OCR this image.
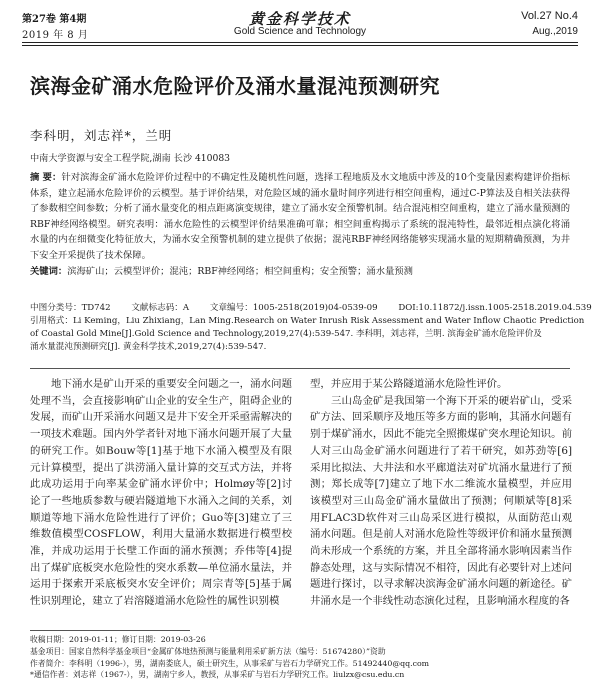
第27卷 第4期
2019 年 8 月
黄金科学技术
Gold Science and Technology
Vol.27 No.4
Aug.,2019
滨海金矿涌水危险评价及涌水量混沌预测研究
李科明，刘志祥*，兰明
中南大学资源与安全工程学院,湖南 长沙 410083
摘 要：针对滨海金矿涌水危险评价过程中的不确定性及随机性问题，选择工程地质及水文地质中涉及的10个变量因素构建评价指标体系，建立起涌水危险评价的云模型。基于评价结果，对危险区域的涌水量时间序列进行相空间重构，通过C-P算法及自相关法获得了参数相空间参数；分析了涌水量变化的相点距离演变规律，建立了涌水安全预警机制。结合混沌相空间重构，建立了涌水量预测的RBF神经网络模型。研究表明：涌水危险性的云模型评价结果准确可靠；相空间重构揭示了系统的混沌特性，最邻近相点演化将涌水量的内在细微变化特征放大，为涌水安全预警机制的建立提供了依据；混沌RBF神经网络能够实现涌水量的短期精确预测，为井下安全开采提供了技术保障。
关键词：滨海矿山；云模型评价；混沌；RBF神经网络；相空间重构；安全预警；涌水量预测
中图分类号：TD742 文献标志码：A 文章编号：1005-2518(2019)04-0539-09 DOI:10.11872/j.issn.1005-2518.2019.04.539
引用格式：Li Keming，Liu Zhixiang，Lan Ming.Research on Water Inrush Risk Assessment and Water Inflow Chaotic Prediction
of Coastal Gold Mine[J].Gold Science and Technology,2019,27(4):539-547. 李科明，刘志祥，兰明. 滨海金矿涌水危险评价及
涌水量混沌预测研究[J]. 黄金科学技术,2019,27(4):539-547.
地下涌水是矿山开采的重要安全问题之一，涌水问题处理不当，会直接影响矿山企业的安全生产，阻碍企业的发展，而矿山开采涌水问题又是井下安全开采亟需解决的一项技术难题。国内外学者针对地下涌水问题开展了大量的研究工作。如Bouw等[1]基于地下水涌入模型及有限元计算模型，提出了洪涝涌入量计算的交互式方法，并将此成功运用于向率某金矿涌水评价中；Holmøy等[2]讨论了一些地质参数与硬岩隧道地下水涌入之间的关系，刘顺道等地下涌水危险性进行了评价；Guo等[3]建立了三维数值模型COSFLOW，利用大量涌水数据进行模型校准，并成功运用于长壁工作面的涌水预测；乔伟等[4]提出了煤矿底板突水危险性的突水系数—单位涌水量法，并运用于探索开采底板突水安全评价；周宗青等[5]基于属性识别理论，建立了岩溶隧道涌水危险性的属性识别模

型，并应用于某公路隧道涌水危险性评价。

三山岛金矿是我国第一个海下开采的硬岩矿山，受采矿方法、回采顺序及地压等多方面的影响，其涌水问题有别于煤矿涌水，因此不能完全照搬煤矿突水理论知识。前人对三山岛金矿涌水问题进行了若干研究，如苏劲等[6]采用比拟法、大井法和水平廊道法对矿坑涌水量进行了预测；郑长成等[7]建立了地下水二维流水量模型，并应用该模型对三山岛金矿涌水量做出了预测；何顺斌等[8]采用FLAC3D软件对三山岛采区进行模拟，从面防范山观涌水问题。但是前人对涌水危险性等级评价和涌水量预测尚未形成一个系统的方案，并且全部将涌水影响因素当作静态处理，这与实际情况不相符，因此有必要针对上述问题进行探讨，以寻求解决滨海金矿涌水问题的新途径。矿井涌水是一个非线性动态演化过程，且影响涌水程度的各

收稿日期：2019-01-11；修订日期：2019-03-26
基金项目：国家自然科学基金项目“金属矿体地热预测与能量利用采矿新方法（编号：51674280）”资助
作者简介：李科明（1996-），男，湖南娄底人，硕士研究生，从事采矿与岩石力学研究工作。51492440@qq.com
*通信作者：刘志祥（1967-），男，湖南宁乡人，教授，从事采矿与岩石力学研究工作。liulzx@csu.edu.cn
